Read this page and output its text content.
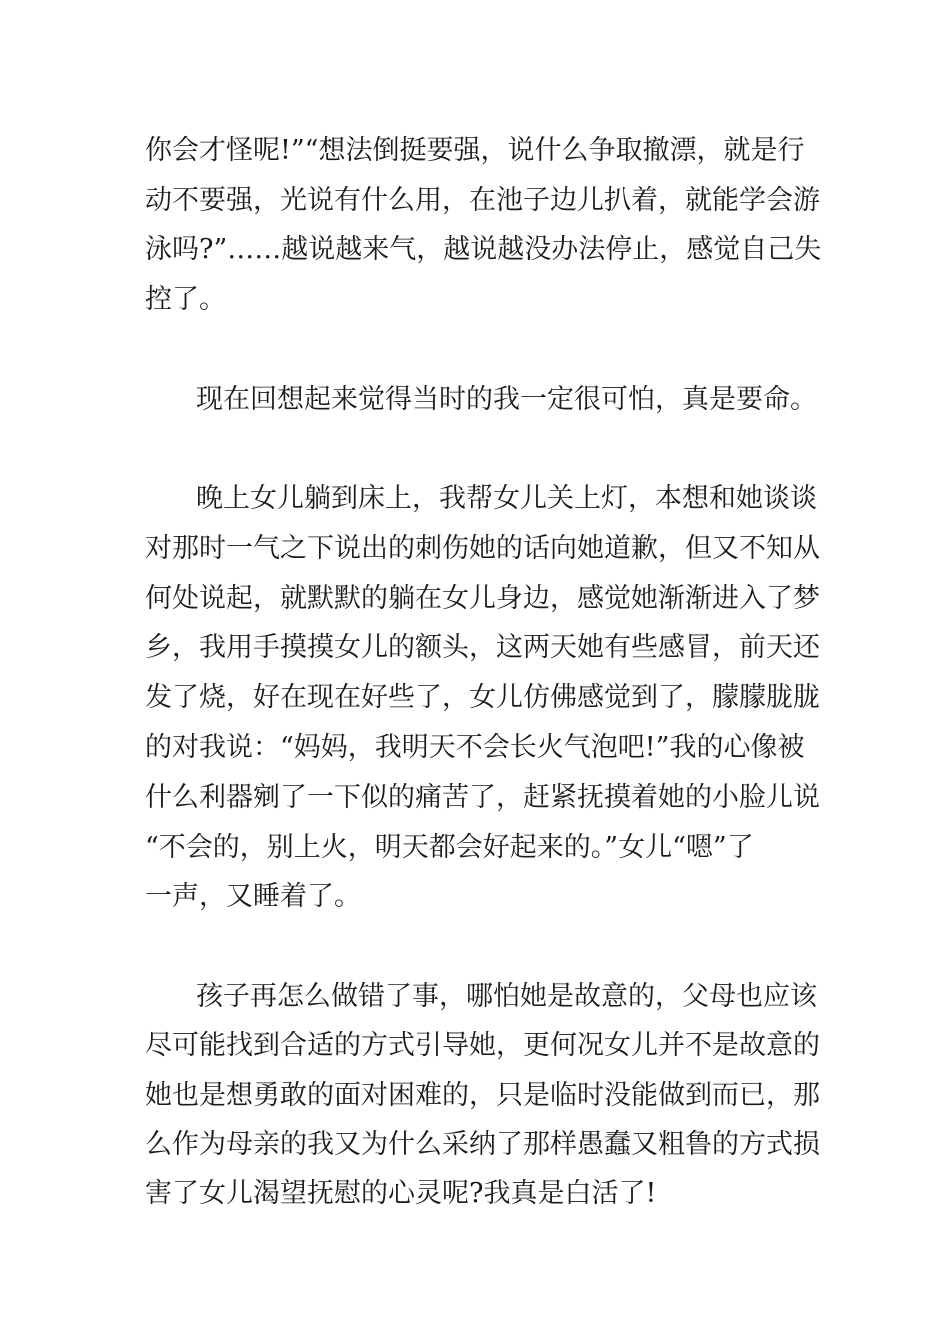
你会才怪呢!”“想法倒挺要强，说什么争取撤漂，就是行
动不要强，光说有什么用，在池子边儿扒着，就能学会游
泳吗?”……越说越来气，越说越没办法停止，感觉自己失
控了。
现在回想起来觉得当时的我一定很可怕，真是要命。
晚上女儿躺到床上，我帮女儿关上灯，本想和她谈谈
对那时一气之下说出的刺伤她的话向她道歉，但又不知从
何处说起，就默默的躺在女儿身边，感觉她渐渐进入了梦
乡，我用手摸摸女儿的额头，这两天她有些感冒，前天还
发了烧，好在现在好些了，女儿仿佛感觉到了，朦朦胧胧
的对我说：“妈妈，我明天不会长火气泡吧!”我的心像被
什么利器剜了一下似的痛苦了，赶紧抚摸着她的小脸儿说
“不会的，别上火，明天都会好起来的。”女儿“嗯”了
一声，又睡着了。
孩子再怎么做错了事，哪怕她是故意的，父母也应该
尽可能找到合适的方式引导她，更何况女儿并不是故意的
她也是想勇敢的面对困难的，只是临时没能做到而已，那
么作为母亲的我又为什么采纳了那样愚蠢又粗鲁的方式损
害了女儿渴望抚慰的心灵呢?我真是白活了!
